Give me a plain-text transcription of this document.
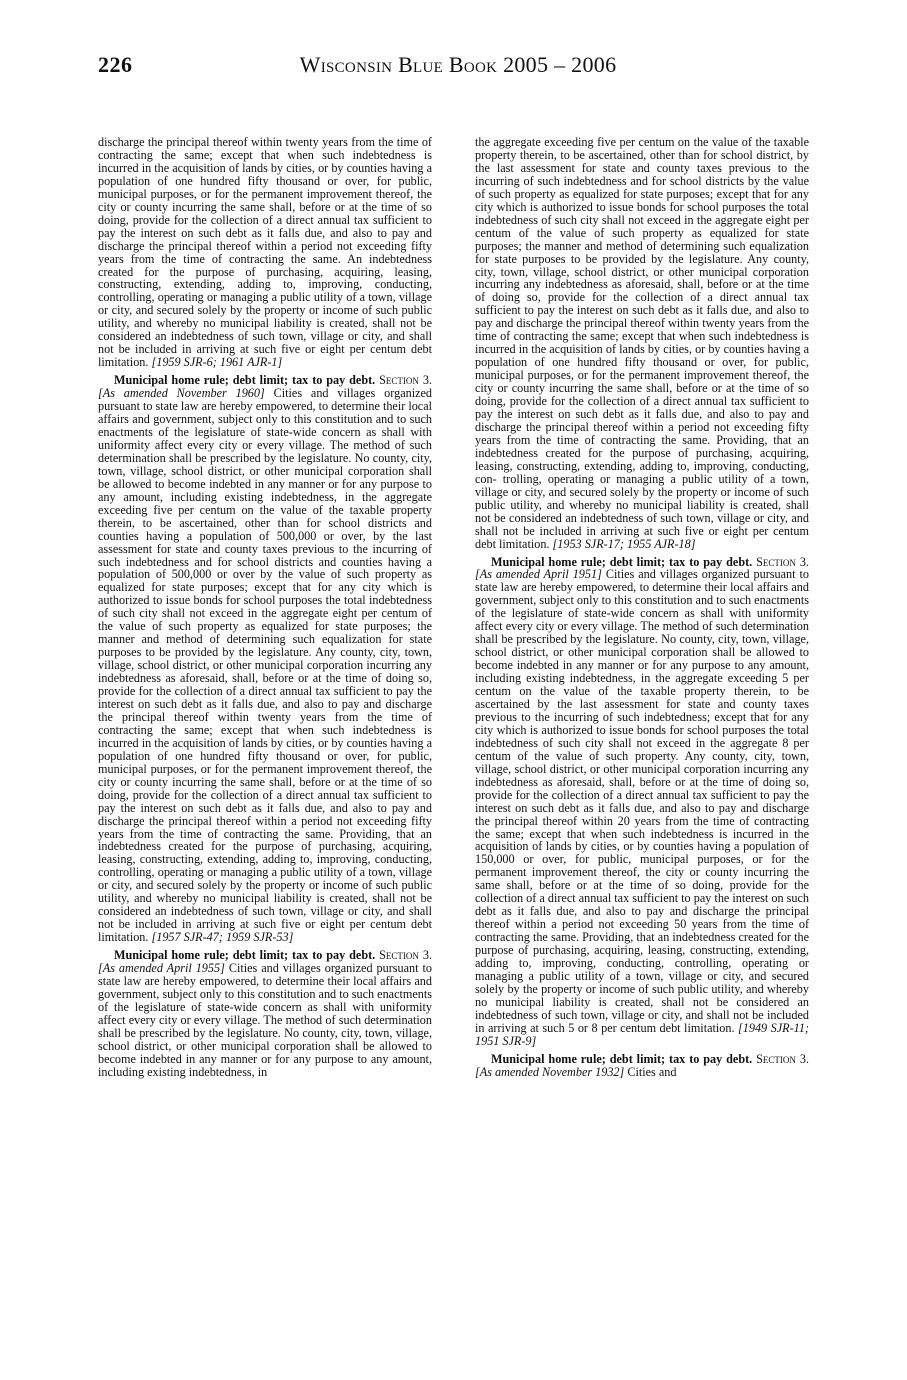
226	Wisconsin Blue Book 2005 – 2006

discharge the principal thereof within twenty years from the time of contracting the same; except that when such indebtedness is incurred in the acquisition of lands by cities, or by counties having a population of one hundred fifty thousand or over, for public, municipal purposes, or for the permanent improvement thereof, the city or county incurring the same shall, before or at the time of so doing, provide for the collection of a direct annual tax sufficient to pay the interest on such debt as it falls due, and also to pay and discharge the principal thereof within a period not exceeding fifty years from the time of contracting the same. An indebtedness created for the purpose of purchasing, acquiring, leasing, constructing, extending, adding to, improving, conducting, controlling, operating or managing a public utility of a town, village or city, and secured solely by the property or income of such public utility, and whereby no municipal liability is created, shall not be considered an indebtedness of such town, village or city, and shall not be included in arriving at such five or eight per centum debt limitation. [1959 SJR-6; 1961 AJR-1]

Municipal home rule; debt limit; tax to pay debt. Section 3. [As amended November 1960] Cities and villages organized pursuant to state law are hereby empowered, to determine their local affairs and government, subject only to this constitution and to such enactments of the legislature of state-wide concern as shall with uniformity affect every city or every village. The method of such determination shall be prescribed by the legislature. No county, city, town, village, school district, or other municipal corporation shall be allowed to become indebted in any manner or for any purpose to any amount, including existing indebtedness, in the aggregate exceeding five per centum on the value of the taxable property therein, to be ascertained, other than for school districts and counties having a population of 500,000 or over, by the last assessment for state and county taxes previous to the incurring of such indebtedness and for school districts and counties having a population of 500,000 or over by the value of such property as equalized for state purposes; except that for any city which is authorized to issue bonds for school purposes the total indebtedness of such city shall not exceed in the aggregate eight per centum of the value of such property as equalized for state purposes; the manner and method of determining such equalization for state purposes to be provided by the legislature. Any county, city, town, village, school district, or other municipal corporation incurring any indebtedness as aforesaid, shall, before or at the time of doing so, provide for the collection of a direct annual tax sufficient to pay the interest on such debt as it falls due, and also to pay and discharge the principal thereof within twenty years from the time of contracting the same; except that when such indebtedness is incurred in the acquisition of lands by cities, or by counties having a population of one hundred fifty thousand or over, for public, municipal purposes, or for the permanent improvement thereof, the city or county incurring the same shall, before or at the time of so doing, provide for the collection of a direct annual tax sufficient to pay the interest on such debt as it falls due, and also to pay and discharge the principal thereof within a period not exceeding fifty years from the time of contracting the same. Providing, that an indebtedness created for the purpose of purchasing, acquiring, leasing, constructing, extending, adding to, improving, conducting, controlling, operating or managing a public utility of a town, village or city, and secured solely by the property or income of such public utility, and whereby no municipal liability is created, shall not be considered an indebtedness of such town, village or city, and shall not be included in arriving at such five or eight per centum debt limitation. [1957 SJR-47; 1959 SJR-53]

Municipal home rule; debt limit; tax to pay debt. Section 3. [As amended April 1955] Cities and villages organized pursuant to state law are hereby empowered, to determine their local affairs and government, subject only to this constitution and to such enactments of the legislature of state-wide concern as shall with uniformity affect every city or every village. The method of such determination shall be prescribed by the legislature. No county, city, town, village, school district, or other municipal corporation shall be allowed to become indebted in any manner or for any purpose to any amount, including existing indebtedness, in

the aggregate exceeding five per centum on the value of the taxable property therein, to be ascertained, other than for school district, by the last assessment for state and county taxes previous to the incurring of such indebtedness and for school districts by the value of such property as equalized for state purposes; except that for any city which is authorized to issue bonds for school purposes the total indebtedness of such city shall not exceed in the aggregate eight per centum of the value of such property as equalized for state purposes; the manner and method of determining such equalization for state purposes to be provided by the legislature. Any county, city, town, village, school district, or other municipal corporation incurring any indebtedness as aforesaid, shall, before or at the time of doing so, provide for the collection of a direct annual tax sufficient to pay the interest on such debt as it falls due, and also to pay and discharge the principal thereof within twenty years from the time of contracting the same; except that when such indebtedness is incurred in the acquisition of lands by cities, or by counties having a population of one hundred fifty thousand or over, for public, municipal purposes, or for the permanent improvement thereof, the city or county incurring the same shall, before or at the time of so doing, provide for the collection of a direct annual tax sufficient to pay the interest on such debt as it falls due, and also to pay and discharge the principal thereof within a period not exceeding fifty years from the time of contracting the same. Providing, that an indebtedness created for the purpose of purchasing, acquiring, leasing, constructing, extending, adding to, improving, conducting, con- trolling, operating or managing a public utility of a town, village or city, and secured solely by the property or income of such public utility, and whereby no municipal liability is created, shall not be considered an indebtedness of such town, village or city, and shall not be included in arriving at such five or eight per centum debt limitation. [1953 SJR-17; 1955 AJR-18]

Municipal home rule; debt limit; tax to pay debt. Section 3. [As amended April 1951] Cities and villages organized pursuant to state law are hereby empowered, to determine their local affairs and government, subject only to this constitution and to such enactments of the legislature of state-wide concern as shall with uniformity affect every city or every village. The method of such determination shall be prescribed by the legislature. No county, city, town, village, school district, or other municipal corporation shall be allowed to become indebted in any manner or for any purpose to any amount, including existing indebtedness, in the aggregate exceeding 5 per centum on the value of the taxable property therein, to be ascertained by the last assessment for state and county taxes previous to the incurring of such indebtedness; except that for any city which is authorized to issue bonds for school purposes the total indebtedness of such city shall not exceed in the aggregate 8 per centum of the value of such property. Any county, city, town, village, school district, or other municipal corporation incurring any indebtedness as aforesaid, shall, before or at the time of doing so, provide for the collection of a direct annual tax sufficient to pay the interest on such debt as it falls due, and also to pay and discharge the principal thereof within 20 years from the time of contracting the same; except that when such indebtedness is incurred in the acquisition of lands by cities, or by counties having a population of 150,000 or over, for public, municipal purposes, or for the permanent improvement thereof, the city or county incurring the same shall, before or at the time of so doing, provide for the collection of a direct annual tax sufficient to pay the interest on such debt as it falls due, and also to pay and discharge the principal thereof within a period not exceeding 50 years from the time of contracting the same. Providing, that an indebtedness created for the purpose of purchasing, acquiring, leasing, constructing, extending, adding to, improving, conducting, controlling, operating or managing a public utility of a town, village or city, and secured solely by the property or income of such public utility, and whereby no municipal liability is created, shall not be considered an indebtedness of such town, village or city, and shall not be included in arriving at such 5 or 8 per centum debt limitation. [1949 SJR-11; 1951 SJR-9]

Municipal home rule; debt limit; tax to pay debt. Section 3. [As amended November 1932] Cities and
